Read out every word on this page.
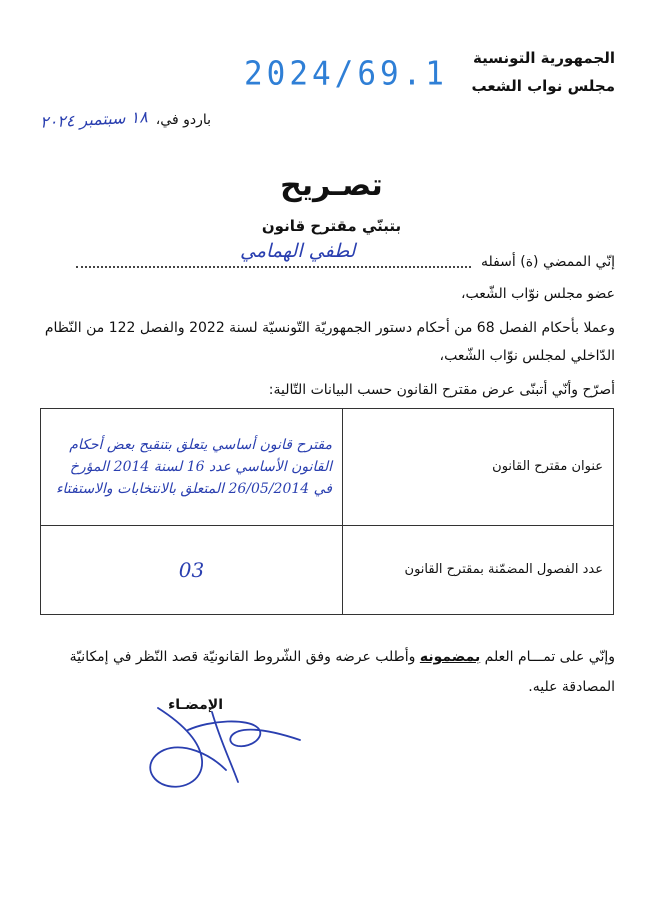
الجمهورية التونسية
مجلس نواب الشعب
2024/69.1
باردو في،
١٨ سبتمبر ٢٠٢٤
تصـريح
بتبنّي مقترح قانون
إنّي الممضي (ة) أسفله
لطفي الهمامي
عضو مجلس نوّاب الشّعب،
وعملا بأحكام الفصل 68 من أحكام دستور الجمهوريّة التّونسيّة لسنة 2022 والفصل 122 من النّظام الدّاخلي لمجلس نوّاب الشّعب،
أصرّح وأنّي أتبنّى عرض مقترح القانون حسب البيانات التّالية:
عنوان مقترح القانون	مقترح قانون أساسي يتعلق بتنقيح بعض أحكام القانون الأساسي عدد 16 لسنة 2014 المؤرخ في 26/05/2014 المتعلق بالانتخابات والاستفتاء

عدد الفصول المضمّنة بمقترح القانون	03
وإنّي على تمـــام العلم بمضمونه وأطلب عرضه وفق الشّروط القانونيّة قصد النّظر في إمكانيّة المصادقة عليه.
الإمضـاء
